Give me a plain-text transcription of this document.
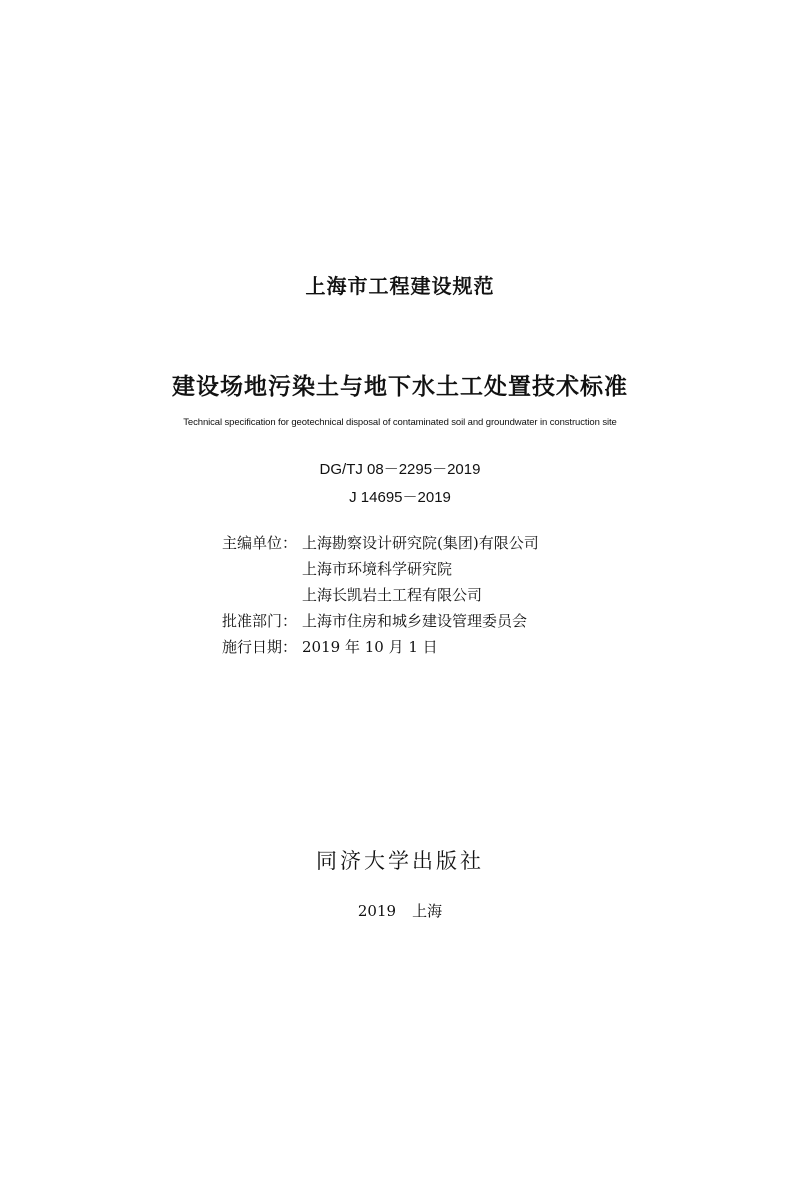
上海市工程建设规范
建设场地污染土与地下水土工处置技术标准
Technical specification for geotechnical disposal of contaminated soil and groundwater in construction site
DG/TJ 08－2295－2019
J 14695－2019
主编单位： 上海勘察设计研究院(集团)有限公司
上海市环境科学研究院
上海长凯岩土工程有限公司
批准部门： 上海市住房和城乡建设管理委员会
施行日期： 2019 年 10 月 1 日
同济大学出版社
2019 上海
